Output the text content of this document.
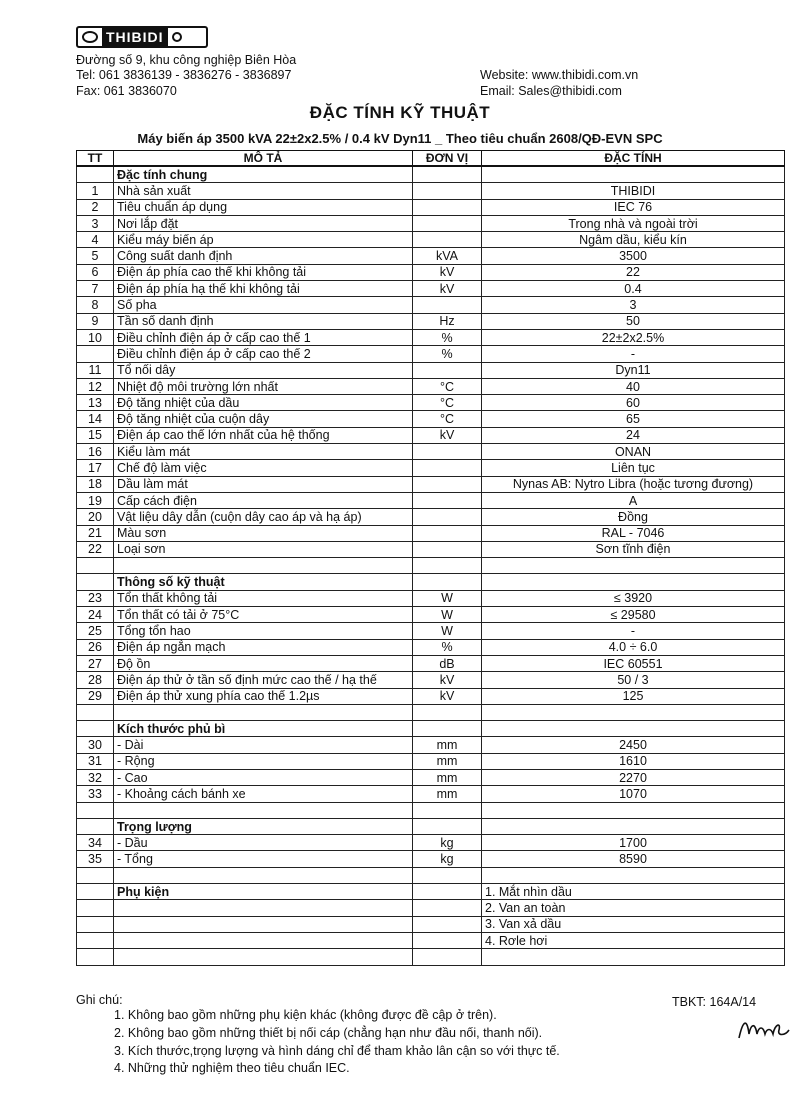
THIBIDI
Đường số 9, khu công nghiệp Biên Hòa
Tel: 061 3836139 - 3836276 - 3836897
Fax: 061 3836070
Website: www.thibidi.com.vn
Email: Sales@thibidi.com
ĐẶC TÍNH KỸ THUẬT
Máy biến áp 3500 kVA 22±2x2.5% / 0.4 kV Dyn11 _ Theo tiêu chuẩn 2608/QĐ-EVN SPC
TT	MÔ TẢ	ĐƠN VỊ	ĐẶC TÍNH
	Đặc tính chung		
1	Nhà sản xuất		THIBIDI
2	Tiêu chuẩn áp dụng		IEC 76
3	Nơi lắp đặt		Trong nhà và ngoài trời
4	Kiểu máy biến áp		Ngâm dầu, kiểu kín
5	Công suất danh định	kVA	3500
6	Điện áp phía cao thế khi không tải	kV	22
7	Điện áp phía hạ thế khi không tải	kV	0.4
8	Số pha		3
9	Tần số danh định	Hz	50
10	Điều chỉnh điện áp ở cấp cao thế 1	%	22±2x2.5%
	Điều chỉnh điện áp ở cấp cao thế 2	%	-
11	Tổ nối dây		Dyn11
12	Nhiệt độ môi trường lớn nhất	°C	40
13	Độ tăng nhiệt của dầu	°C	60
14	Độ tăng nhiệt của cuộn dây	°C	65
15	Điện áp cao thế lớn nhất của hệ thống	kV	24
16	Kiểu làm mát		ONAN
17	Chế độ làm việc		Liên tục
18	Dầu làm mát		Nynas AB: Nytro Libra (hoặc tương đương)
19	Cấp cách điện		A
20	Vật liệu dây dẫn (cuộn dây cao áp và hạ áp)		Đồng
21	Màu sơn		RAL - 7046
22	Loại sơn		Sơn tĩnh điện

	Thông số kỹ thuật		
23	Tổn thất không tải	W	≤ 3920
24	Tổn thất có tải ở 75°C	W	≤ 29580
25	Tổng tổn hao	W	-
26	Điện áp ngắn mạch	%	4.0 ÷ 6.0
27	Độ ồn	dB	IEC 60551
28	Điện áp thử ở tần số định mức cao thế / hạ thế	kV	50 / 3
29	Điện áp thử xung phía cao thế 1.2µs	kV	125

	Kích thước phủ bì		
30	- Dài	mm	2450
31	- Rộng	mm	1610
32	- Cao	mm	2270
33	- Khoảng cách bánh xe	mm	1070

	Trọng lượng		
34	- Dầu	kg	1700
35	- Tổng	kg	8590

	Phụ kiện		1. Mắt nhìn dầu
			2. Van an toàn
			3. Van xả dầu
			4. Rơle hơi

Ghi chú:	TBKT: 164A/14
1. Không bao gồm những phụ kiện khác (không được đề cập ở trên).
2. Không bao gồm những thiết bị nối cáp (chẳng hạn như đầu nối, thanh nối).
3. Kích thước,trọng lượng và hình dáng chỉ để tham khảo lân cận so với thực tế.
4. Những thử nghiệm theo tiêu chuẩn IEC.
